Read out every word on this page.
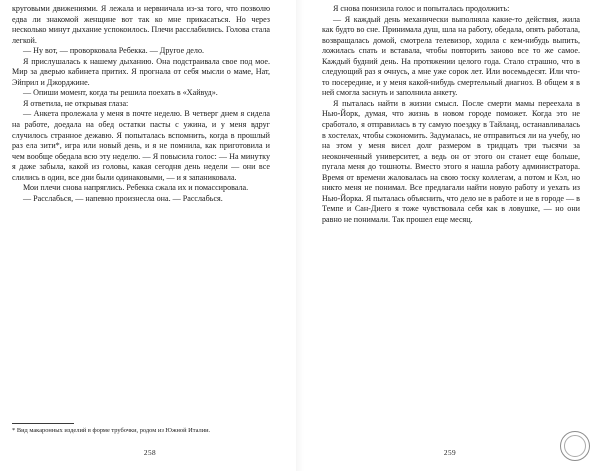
круговыми движениями. Я лежала и нервничала из-за того, что позволю едва ли знакомой женщине вот так ко мне прикасаться. Но через несколько минут дыхание успокоилось. Плечи расслабились. Голова стала легкой.

— Ну вот, — проворковала Ребекка. — Другое дело.

Я прислушалась к нашему дыханию. Она подстраивала свое под мое. Мир за дверью кабинета притих. Я прогнала от себя мысли о маме, Нат, Эйприл и Джорджине.

— Опиши момент, когда ты решила поехать в «Хайвуд».

Я ответила, не открывая глаза:

— Анкета пролежала у меня в почте неделю. В четверг днем я сидела на работе, доедала на обед остатки пасты с ужина, и у меня вдруг случилось странное дежавю. Я попыталась вспомнить, когда в прошлый раз ела зити*, игра или новый день, и я не помнила, как приготовила и чем вообще обедала всю эту неделю. — Я повысила голос: — На минутку я даже забыла, какой из головы, какая сегодня день недели — они все слились в один, все дни были одинаковыми, — и я запаниковала.

Мои плечи снова напряглись. Ребекка сжала их и помассировала.

— Расслабься, — напевно произнесла она. — Расслабься.

* Вид макаронных изделий в форме трубочки, родом из Южной Италии.

258

Я снова понизила голос и попыталась продолжить:

— Я каждый день механически выполняла какие-то действия, жила как будто во сне. Принимала душ, шла на работу, обедала, опять работала, возвращалась домой, смотрела телевизор, ходила с кем-нибудь выпить, ложилась спать и вставала, чтобы повторить заново все то же самое. Каждый будний день. На протяжении целого года. Стало страшно, что в следующий раз я очнусь, а мне уже сорок лет. Или восемьдесят. Или что-то посередине, и у меня какой-нибудь смертельный диагноз. В общем я в ней смогла заснуть и заполнила анкету.

Я пыталась найти в жизни смысл. После смерти мамы переехала в Нью-Йорк, думая, что жизнь в новом городе поможет. Когда это не сработало, я отправилась в ту самую поездку в Тайланд, останавливалась в хостелах, чтобы сэкономить. Задумалась, не отправиться ли на учебу, но на этом у меня висел долг размером в тридцать три тысячи за неоконченный университет, а ведь он от этого он станет еще больше, пугала меня до тошноты. Вместо этого я нашла работу администратора. Время от времени жаловалась на свою тоску коллегам, а потом и Кэл, но никто меня не понимал. Все предлагали найти новую работу и уехать из Нью-Йорка. Я пыталась объяснить, что дело не в работе и не в городе — в Темпе и Сан-Диего я тоже чувствовала себя как в ловушке, — но они равно не понимали. Так прошел еще месяц.

259
